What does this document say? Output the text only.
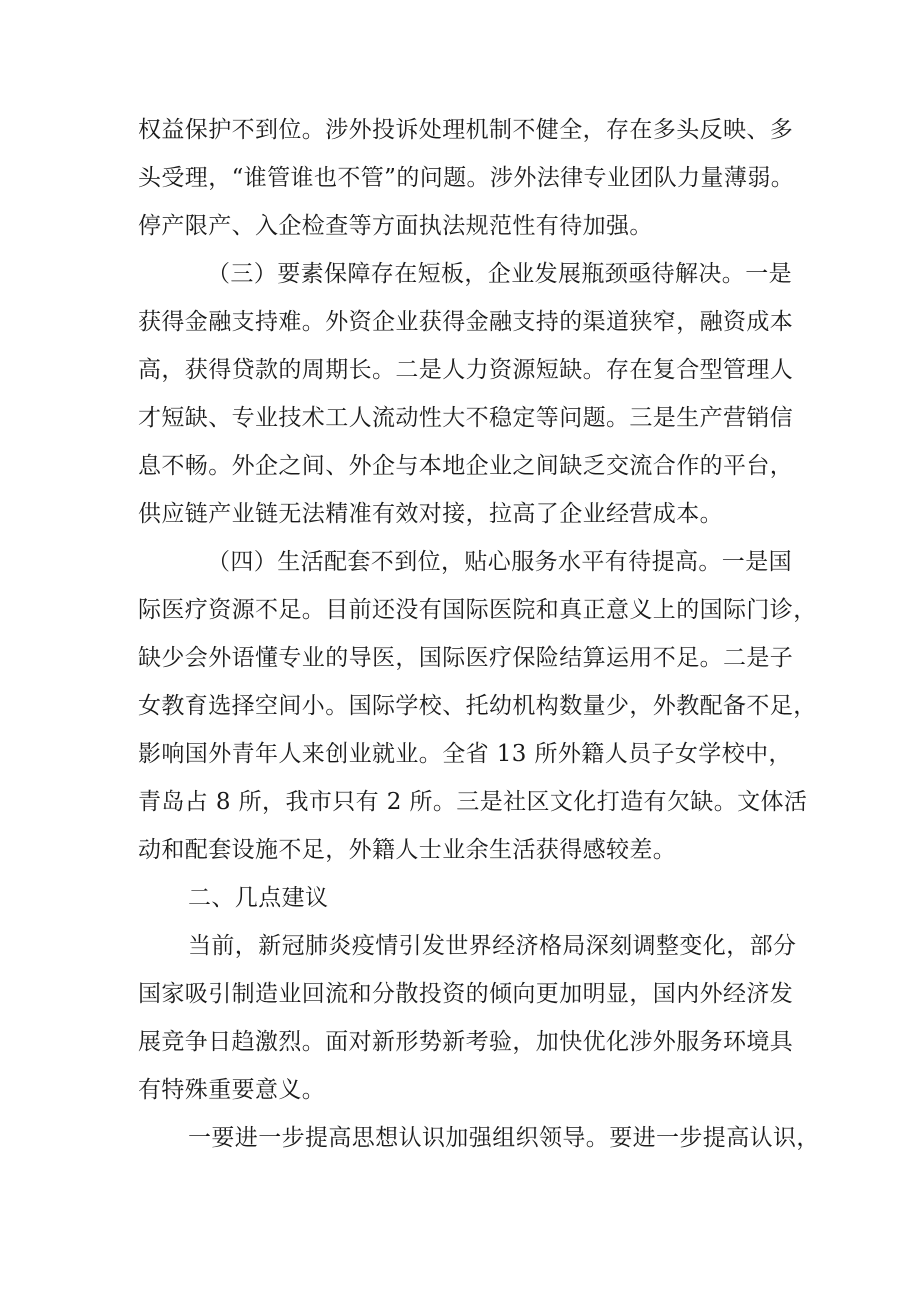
权益保护不到位。涉外投诉处理机制不健全，存在多头反映、多
头受理，“谁管谁也不管”的问题。涉外法律专业团队力量薄弱。
停产限产、入企检查等方面执法规范性有待加强。
（三）要素保障存在短板，企业发展瓶颈亟待解决。一是
获得金融支持难。外资企业获得金融支持的渠道狭窄，融资成本
高，获得贷款的周期长。二是人力资源短缺。存在复合型管理人
才短缺、专业技术工人流动性大不稳定等问题。三是生产营销信
息不畅。外企之间、外企与本地企业之间缺乏交流合作的平台，
供应链产业链无法精准有效对接，拉高了企业经营成本。
（四）生活配套不到位，贴心服务水平有待提高。一是国
际医疗资源不足。目前还没有国际医院和真正意义上的国际门诊，
缺少会外语懂专业的导医，国际医疗保险结算运用不足。二是子
女教育选择空间小。国际学校、托幼机构数量少，外教配备不足，
影响国外青年人来创业就业。全省 13 所外籍人员子女学校中，
青岛占 8 所，我市只有 2 所。三是社区文化打造有欠缺。文体活
动和配套设施不足，外籍人士业余生活获得感较差。
二、几点建议
当前，新冠肺炎疫情引发世界经济格局深刻调整变化，部分
国家吸引制造业回流和分散投资的倾向更加明显，国内外经济发
展竞争日趋激烈。面对新形势新考验，加快优化涉外服务环境具
有特殊重要意义。
一要进一步提高思想认识加强组织领导。要进一步提高认识，
